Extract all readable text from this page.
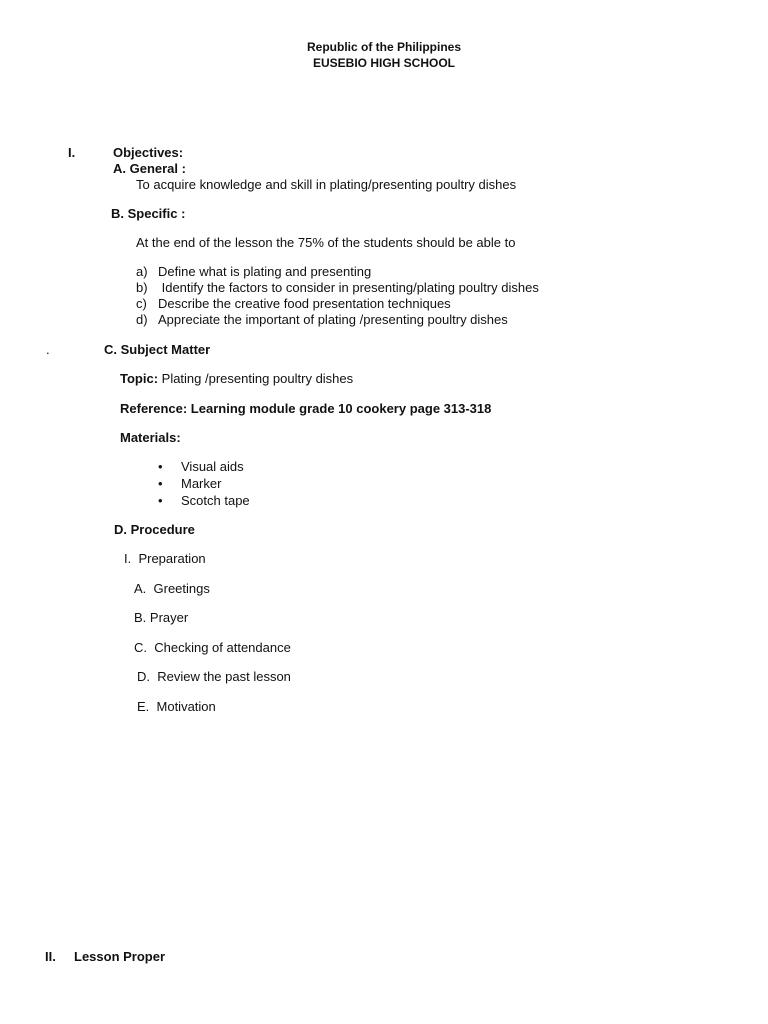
Republic of the Philippines
EUSEBIO HIGH SCHOOL
I.	Objectives:
A. General :
To acquire knowledge and skill in plating/presenting poultry dishes
B. Specific :
At the end of the lesson the 75% of the students should be able to
a) Define what is plating and presenting
b) Identify the factors to consider in presenting/plating poultry dishes
c) Describe the creative food presentation techniques
d) Appreciate the important of plating /presenting poultry dishes
.	C. Subject Matter
Topic: Plating /presenting poultry dishes
Reference: Learning module grade 10 cookery page 313-318
Materials:
• Visual aids
• Marker
• Scotch tape
D. Procedure
I.  Preparation
A.  Greetings
B. Prayer
C.  Checking of attendance
D.  Review the past lesson
E.  Motivation
II. Lesson Proper
